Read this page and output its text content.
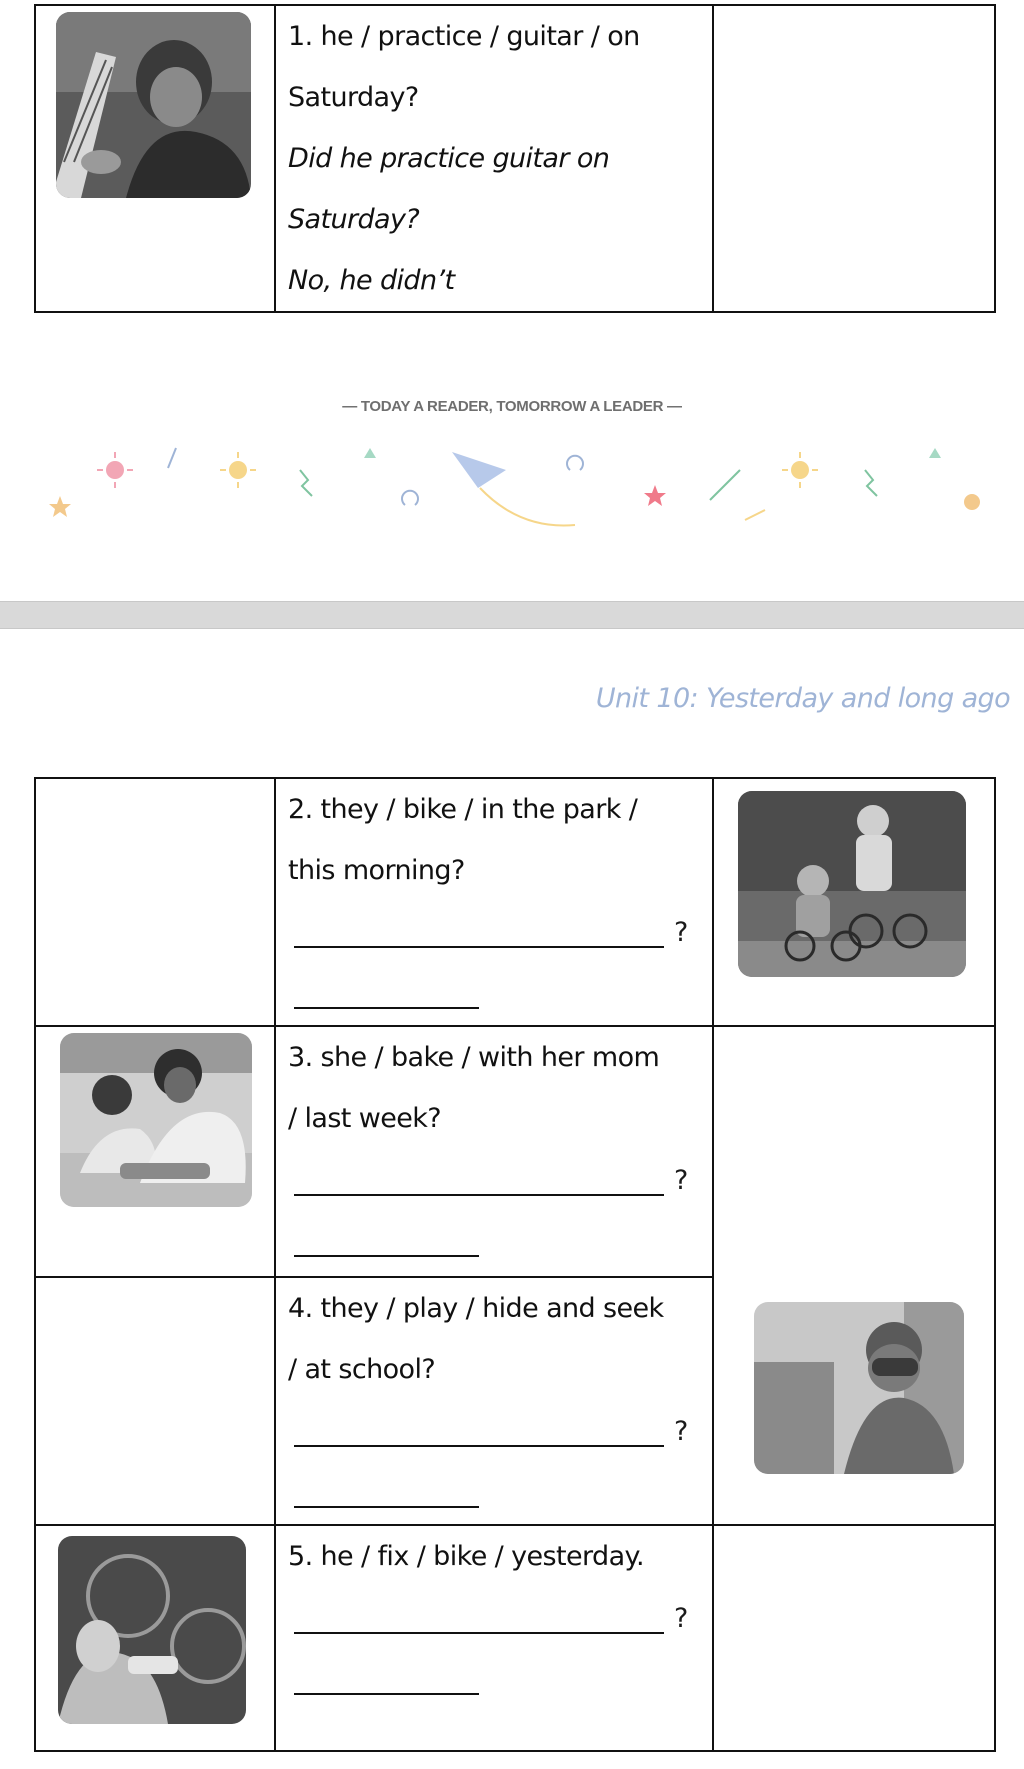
1. he / practice / guitar / on
Saturday?
Did he practice guitar on
Saturday?
No, he didn’t

— TODAY A READER, TOMORROW A LEADER —
Unit 10: Yesterday and long ago

	2. they / bike / in the park /
this morning?
?

3. she / bake / with her mom
/ last week?
?

	4. they / play / hide and seek
/ at school?
?	

5. he / fix / bike / yesterday.
?	
